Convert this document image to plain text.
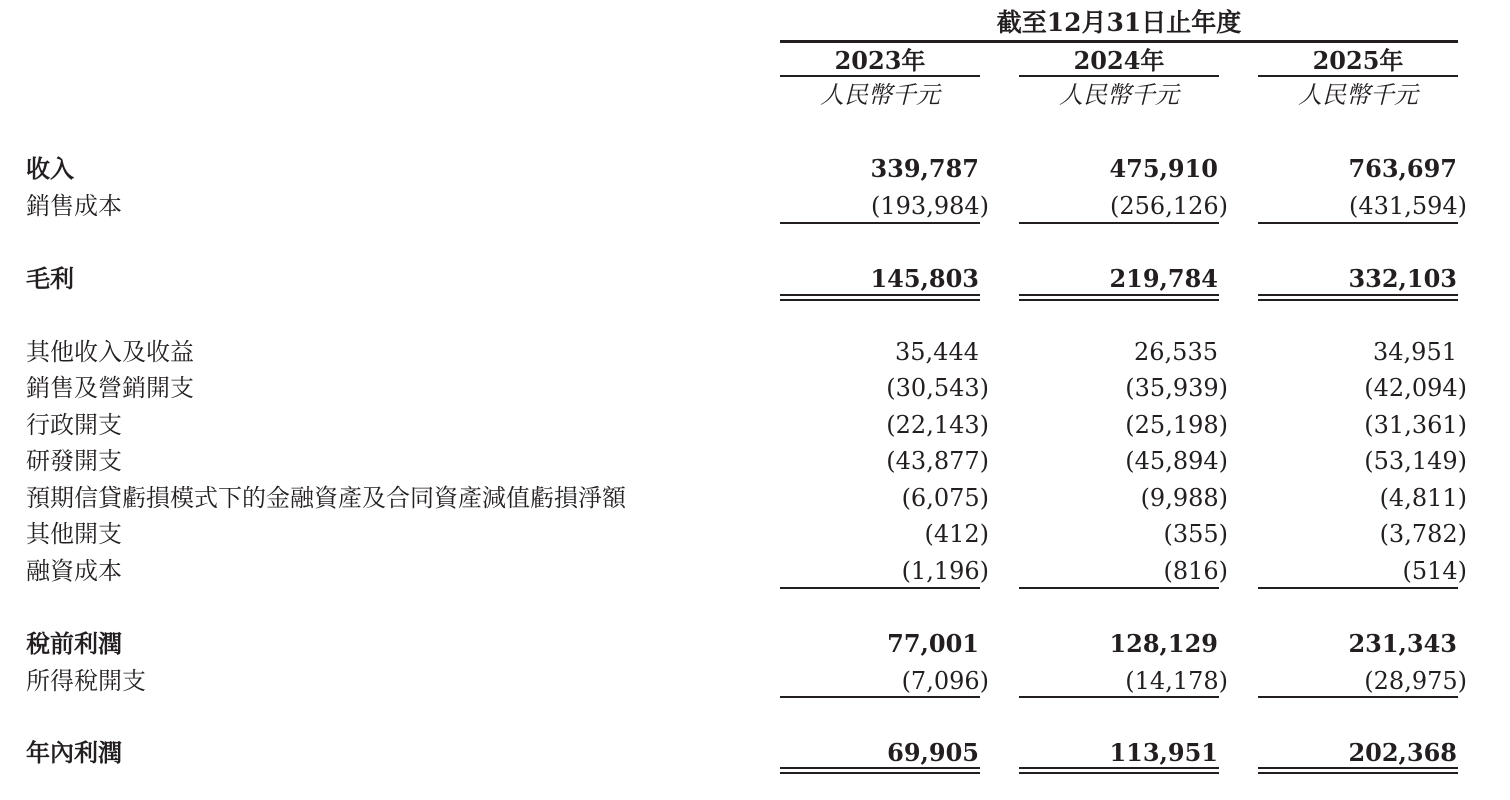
截至12月31日止年度
2023年
人民幣千元
2024年
人民幣千元
2025年
人民幣千元
收入	339,787	475,910	763,697
銷售成本	(193,984)	(256,126)	(431,594)
毛利	145,803	219,784	332,103
其他收入及收益	35,444	26,535	34,951
銷售及營銷開支	(30,543)	(35,939)	(42,094)
行政開支	(22,143)	(25,198)	(31,361)
研發開支	(43,877)	(45,894)	(53,149)
預期信貸虧損模式下的金融資產及合同資產減值虧損淨額	(6,075)	(9,988)	(4,811)
其他開支	(412)	(355)	(3,782)
融資成本	(1,196)	(816)	(514)
稅前利潤	77,001	128,129	231,343
所得稅開支	(7,096)	(14,178)	(28,975)
年內利潤	69,905	113,951	202,368
